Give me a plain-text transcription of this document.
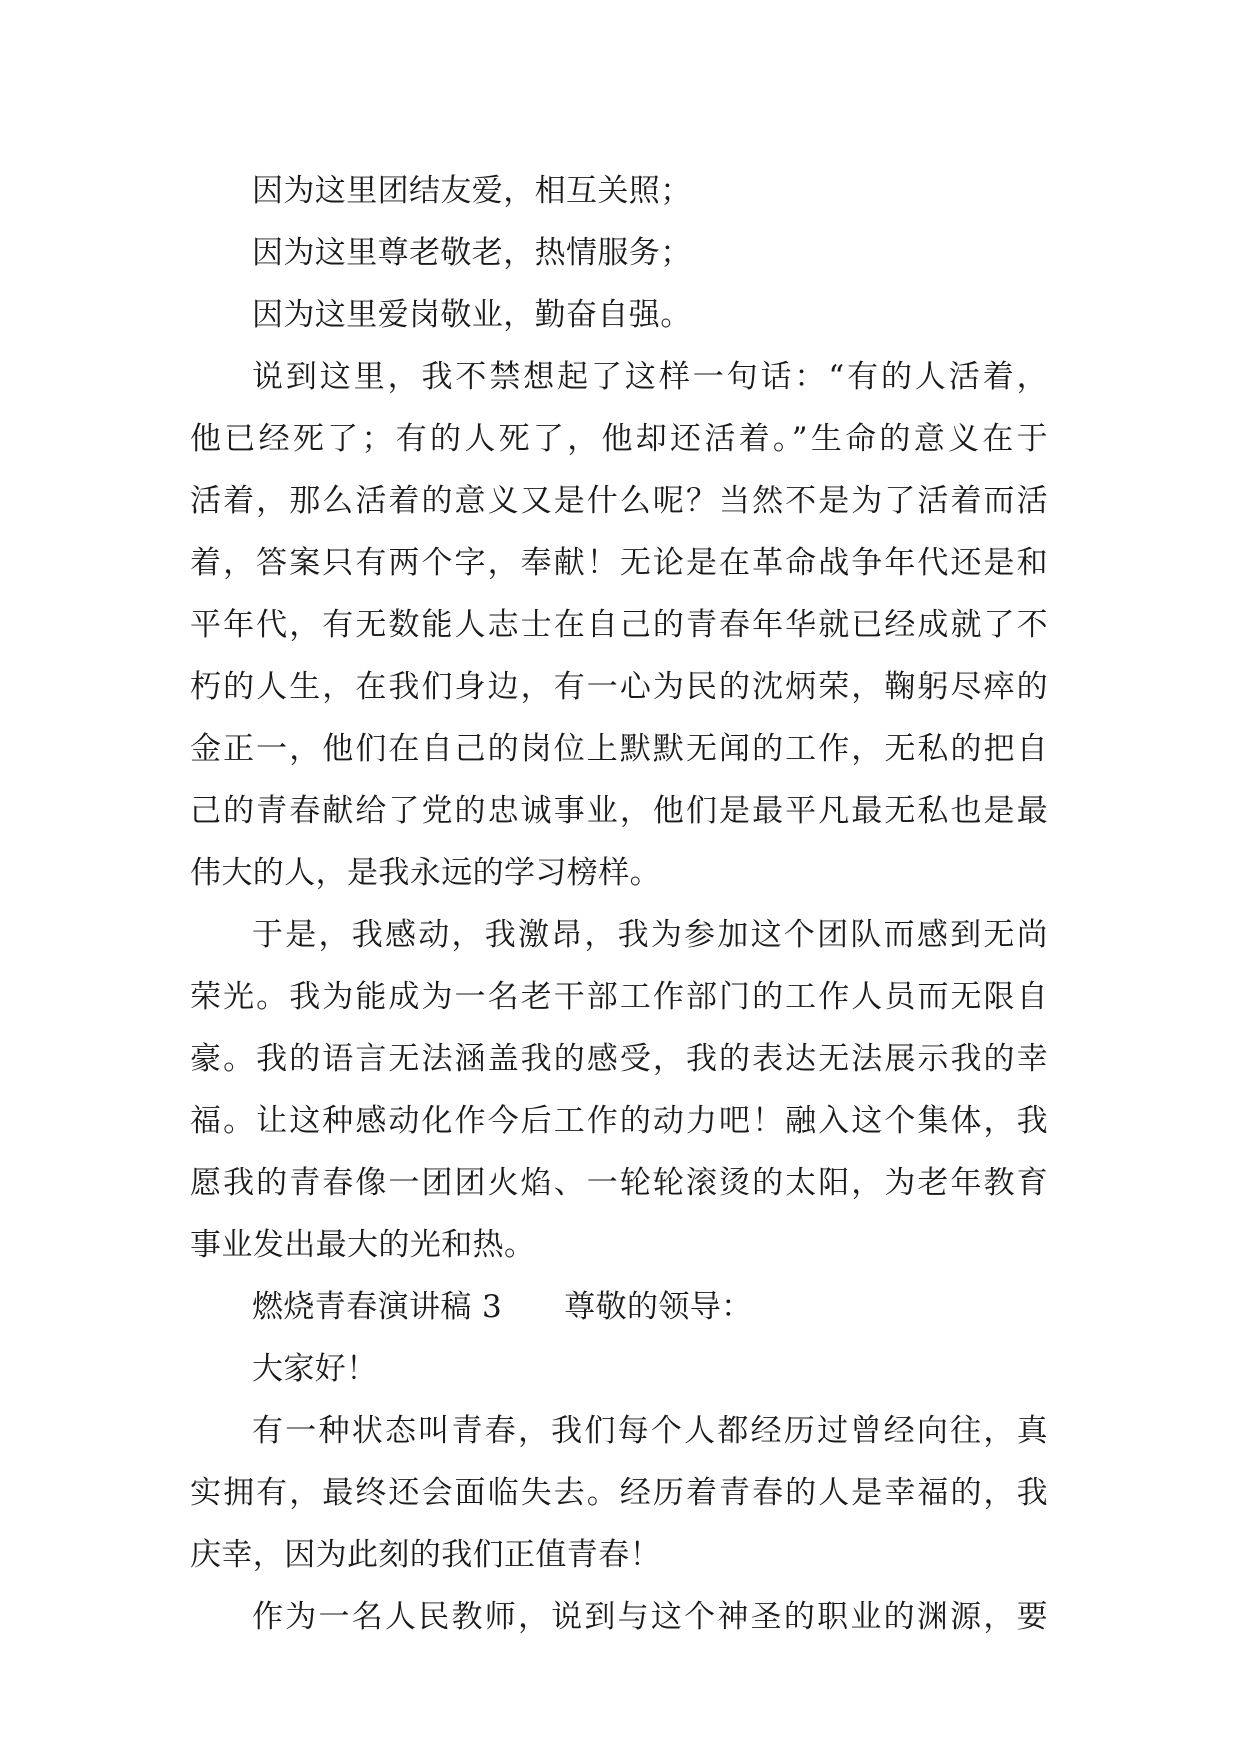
因为这里团结友爱，相互关照；
因为这里尊老敬老，热情服务；
因为这里爱岗敬业，勤奋自强。
说到这里，我不禁想起了这样一句话：“有的人活着，
他已经死了；有的人死了，他却还活着。”生命的意义在于
活着，那么活着的意义又是什么呢？当然不是为了活着而活
着，答案只有两个字，奉献！无论是在革命战争年代还是和
平年代，有无数能人志士在自己的青春年华就已经成就了不
朽的人生，在我们身边，有一心为民的沈炳荣，鞠躬尽瘁的
金正一，他们在自己的岗位上默默无闻的工作，无私的把自
己的青春献给了党的忠诚事业，他们是最平凡最无私也是最
伟大的人，是我永远的学习榜样。
于是，我感动，我激昂，我为参加这个团队而感到无尚
荣光。我为能成为一名老干部工作部门的工作人员而无限自
豪。我的语言无法涵盖我的感受，我的表达无法展示我的幸
福。让这种感动化作今后工作的动力吧！融入这个集体，我
愿我的青春像一团团火焰、一轮轮滚烫的太阳，为老年教育
事业发出最大的光和热。
燃烧青春演讲稿 3 尊敬的领导：
大家好！
有一种状态叫青春，我们每个人都经历过曾经向往，真
实拥有，最终还会面临失去。经历着青春的人是幸福的，我
庆幸，因为此刻的我们正值青春！
作为一名人民教师，说到与这个神圣的职业的渊源，要
